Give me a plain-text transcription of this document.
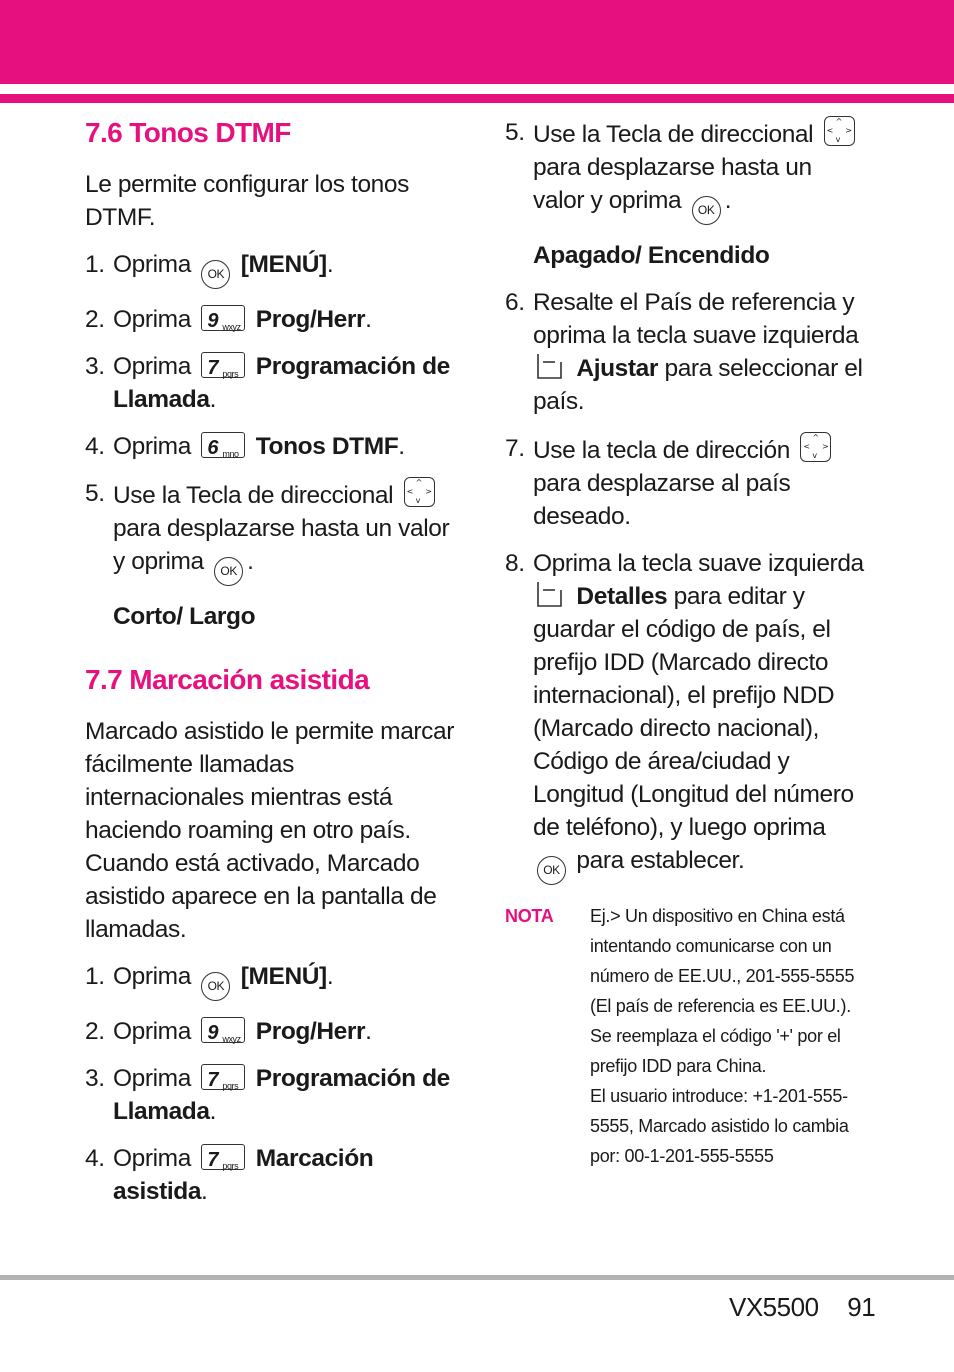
7.6 Tonos DTMF

Le permite configurar los tonos DTMF.

1. Oprima OK [MENÚ].
2. Oprima 9 wxyz Prog/Herr.
3. Oprima 7 pqrs Programación de Llamada.
4. Oprima 6 mno Tonos DTMF.
5. Use la Tecla de direccional	^
v
< >
para desplazarse hasta un valor y oprima OK .

Corto/ Largo

7.7 Marcación asistida

Marcado asistido le permite marcar fácilmente llamadas internacionales mientras está haciendo roaming en otro país. Cuando está activado, Marcado asistido aparece en la pantalla de llamadas.

1. Oprima OK [MENÚ].
2. Oprima 9 wxyz Prog/Herr.
3. Oprima 7 pqrs Programación de Llamada.
4. Oprima 7 pqrs Marcación asistida.
5. Use la Tecla de direccional	^
v
< >
para desplazarse hasta un valor y oprima OK .

Apagado/ Encendido

6. Resalte el País de referencia y oprima la tecla suave izquierda
Ajustar para seleccionar el país.
7. Use la tecla de dirección	^
v
< >
para desplazarse al país deseado.
8. Oprima la tecla suave izquierda
Detalles para editar y guardar el código de país, el prefijo IDD (Marcado directo internacional), el prefijo NDD (Marcado directo nacional), Código de área/ciudad y Longitud (Longitud del número de teléfono), y luego oprima OK para establecer.
NOTA Ej.> Un dispositivo en China está
intentando comunicarse con un
número de EE.UU., 201-555-5555
(El país de referencia es EE.UU.).
Se reemplaza el código '+' por el
prefijo IDD para China.
El usuario introduce: +1-201-555-
5555, Marcado asistido lo cambia
por: 00-1-201-555-5555
VX5500 91
